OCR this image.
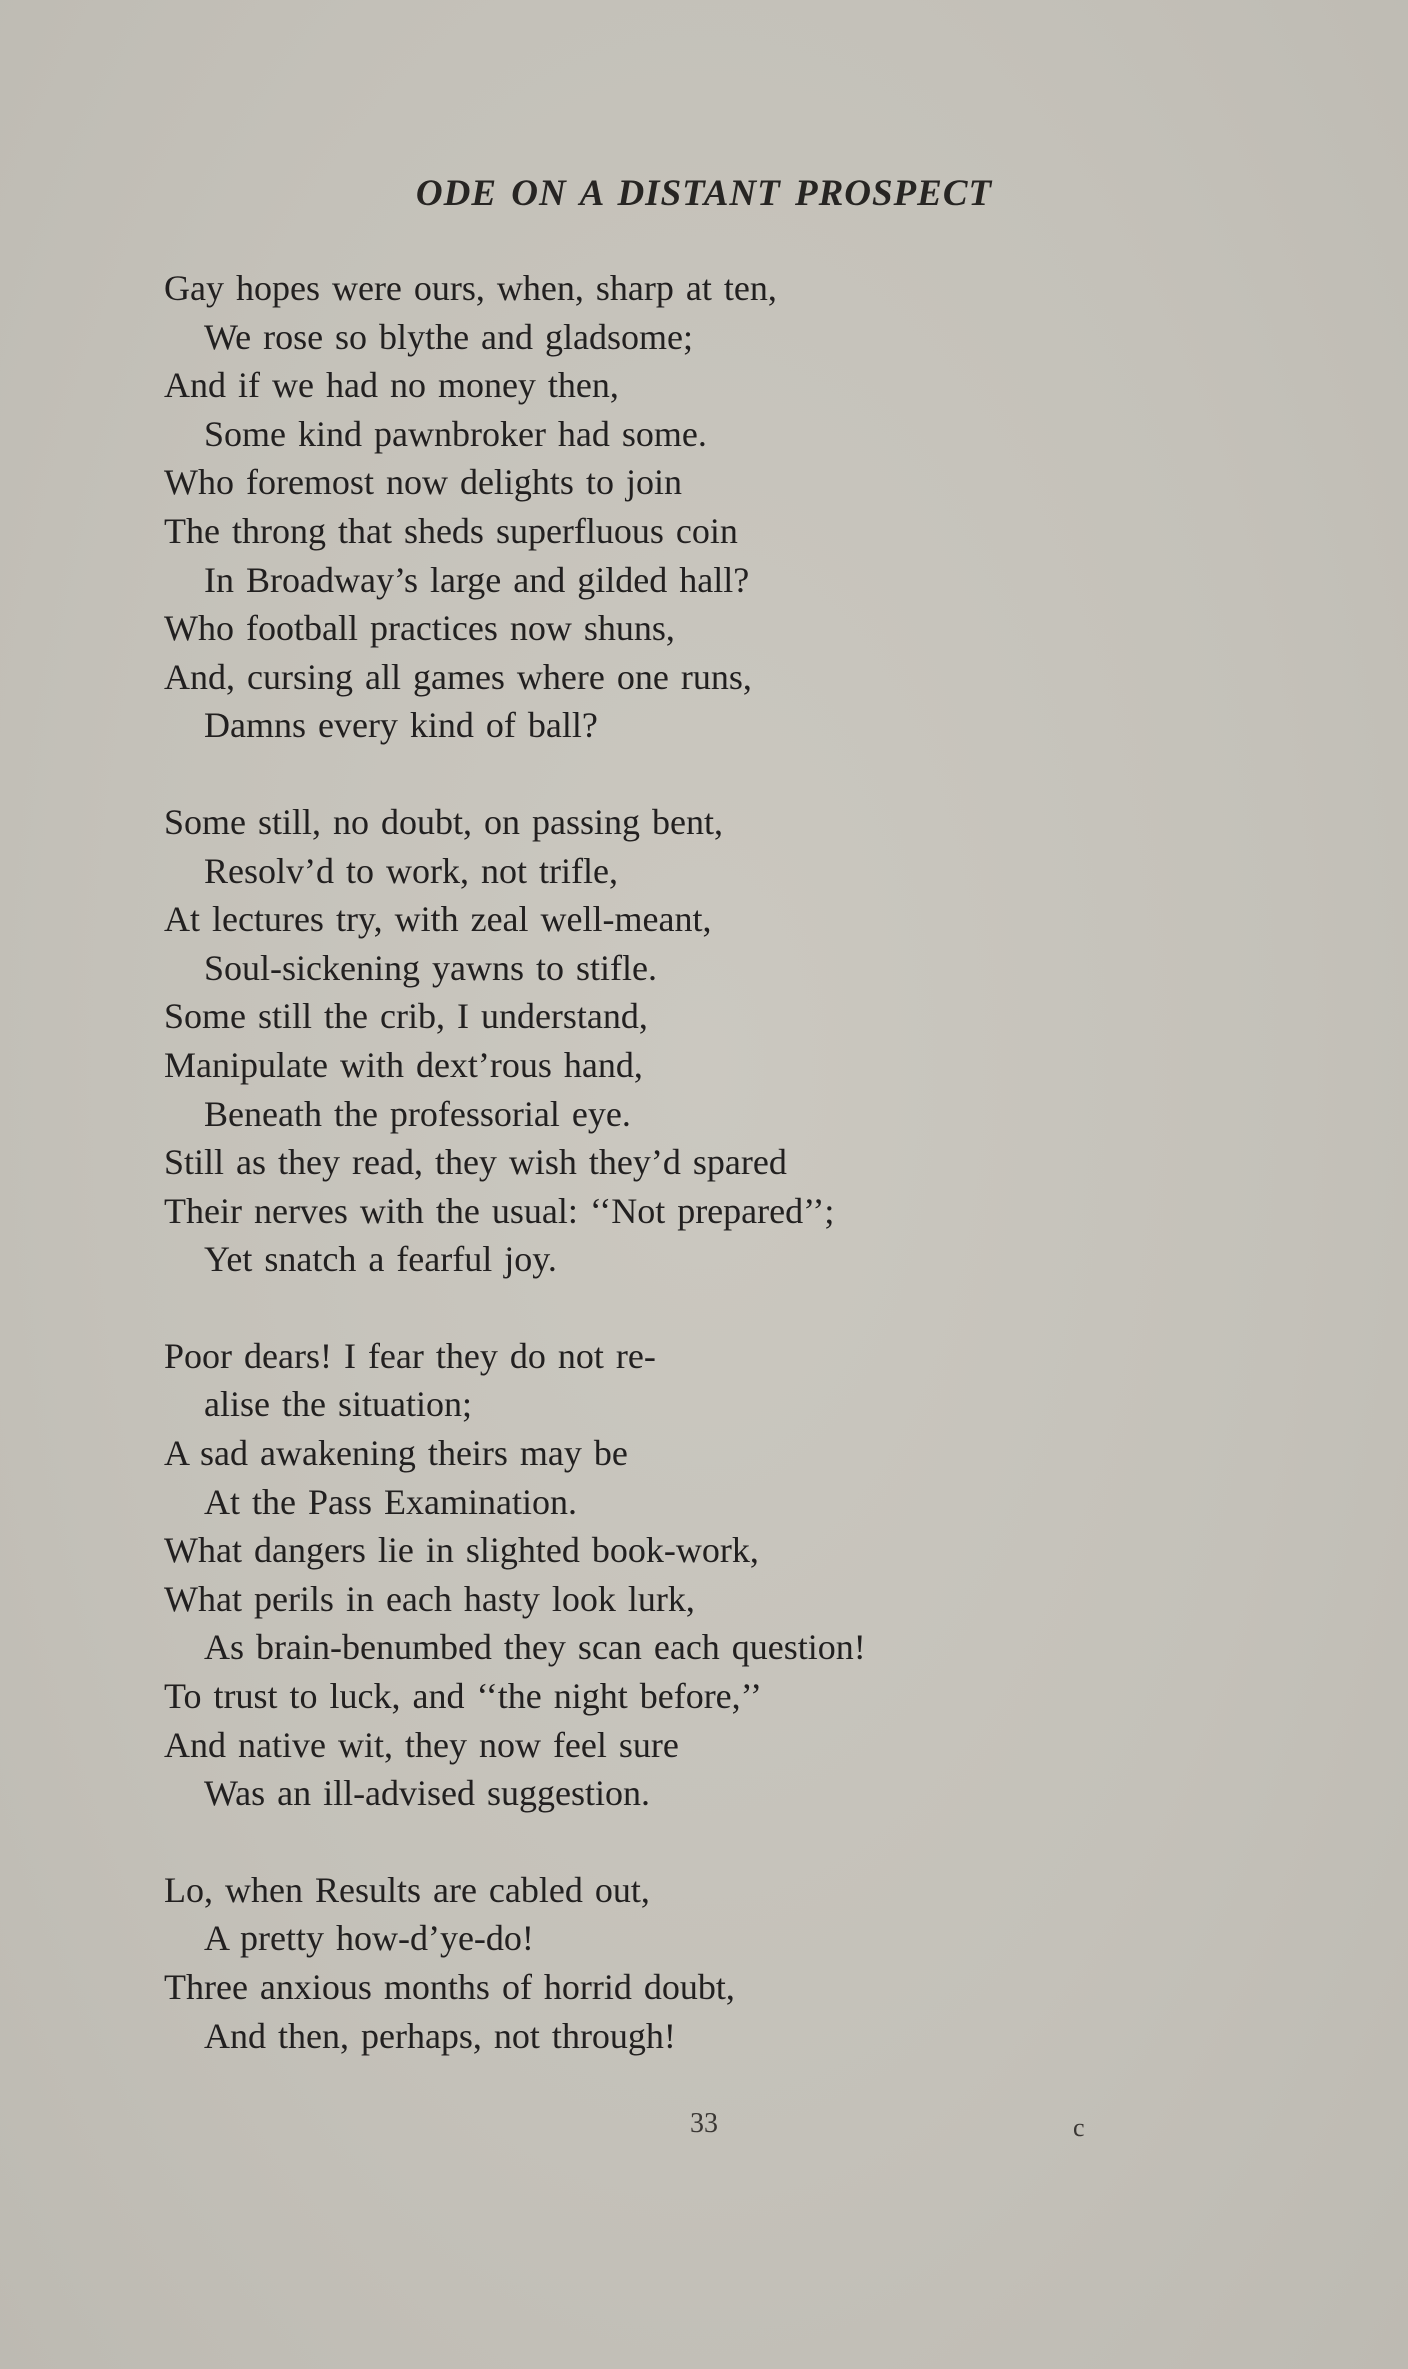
ODE ON A DISTANT PROSPECT
Gay hopes were ours, when, sharp at ten,
We rose so blythe and gladsome;
And if we had no money then,
Some kind pawnbroker had some.
Who foremost now delights to join
The throng that sheds superfluous coin
In Broadway’s large and gilded hall?
Who football practices now shuns,
And, cursing all games where one runs,
Damns every kind of ball?
Some still, no doubt, on passing bent,
Resolv’d to work, not trifle,
At lectures try, with zeal well-meant,
Soul-sickening yawns to stifle.
Some still the crib, I understand,
Manipulate with dext’rous hand,
Beneath the professorial eye.
Still as they read, they wish they’d spared
Their nerves with the usual: ‘‘Not prepared’’;
Yet snatch a fearful joy.
Poor dears! I fear they do not re-
alise the situation;
A sad awakening theirs may be
At the Pass Examination.
What dangers lie in slighted book-work,
What perils in each hasty look lurk,
As brain-benumbed they scan each question!
To trust to luck, and ‘‘the night before,’’
And native wit, they now feel sure
Was an ill-advised suggestion.
Lo, when Results are cabled out,
A pretty how-d’ye-do!
Three anxious months of horrid doubt,
And then, perhaps, not through!
33	c
